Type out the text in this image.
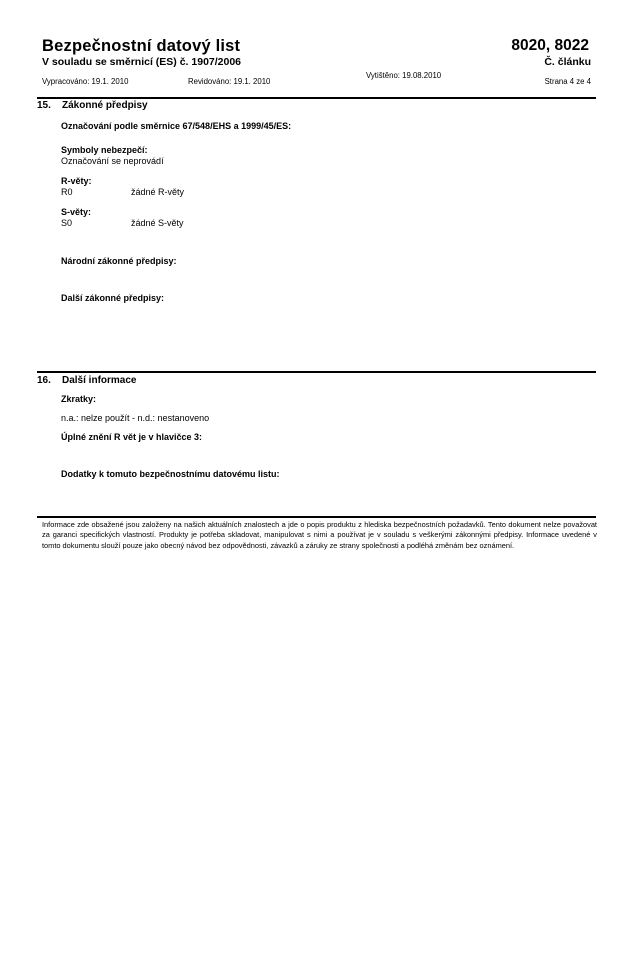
Bezpečnostní datový list
V souladu se směrnicí (ES) č. 1907/2006
8020, 8022
Č. článku
Vypracováno: 19.1. 2010	Revidováno: 19.1. 2010
Vytištěno: 19.08.2010
Strana 4 ze 4
15. Zákonné předpisy
Označování podle směrnice 67/548/EHS a 1999/45/ES:
Symboly nebezpečí:
Označování se neprovádí
R-věty:
R0	žádné R-věty
S-věty:
S0	žádné S-věty
Národní zákonné předpisy:
Další zákonné předpisy:
16. Další informace
Zkratky:
n.a.: nelze použít - n.d.: nestanoveno
Úplné znění R vět je v hlavičce 3:
Dodatky k tomuto bezpečnostnímu datovému listu:
Informace zde obsažené jsou založeny na našich aktuálních znalostech a jde o popis produktu z hlediska bezpečnostních požadavků. Tento dokument nelze považovat za garanci specifických vlastností. Produkty je potřeba skladovat, manipulovat s nimi a používat je v souladu s veškerými zákonnými předpisy. Informace uvedené v tomto dokumentu slouží pouze jako obecný návod bez odpovědnosti, závazků a záruky ze strany společnosti a podléhá změnám bez oznámení.
